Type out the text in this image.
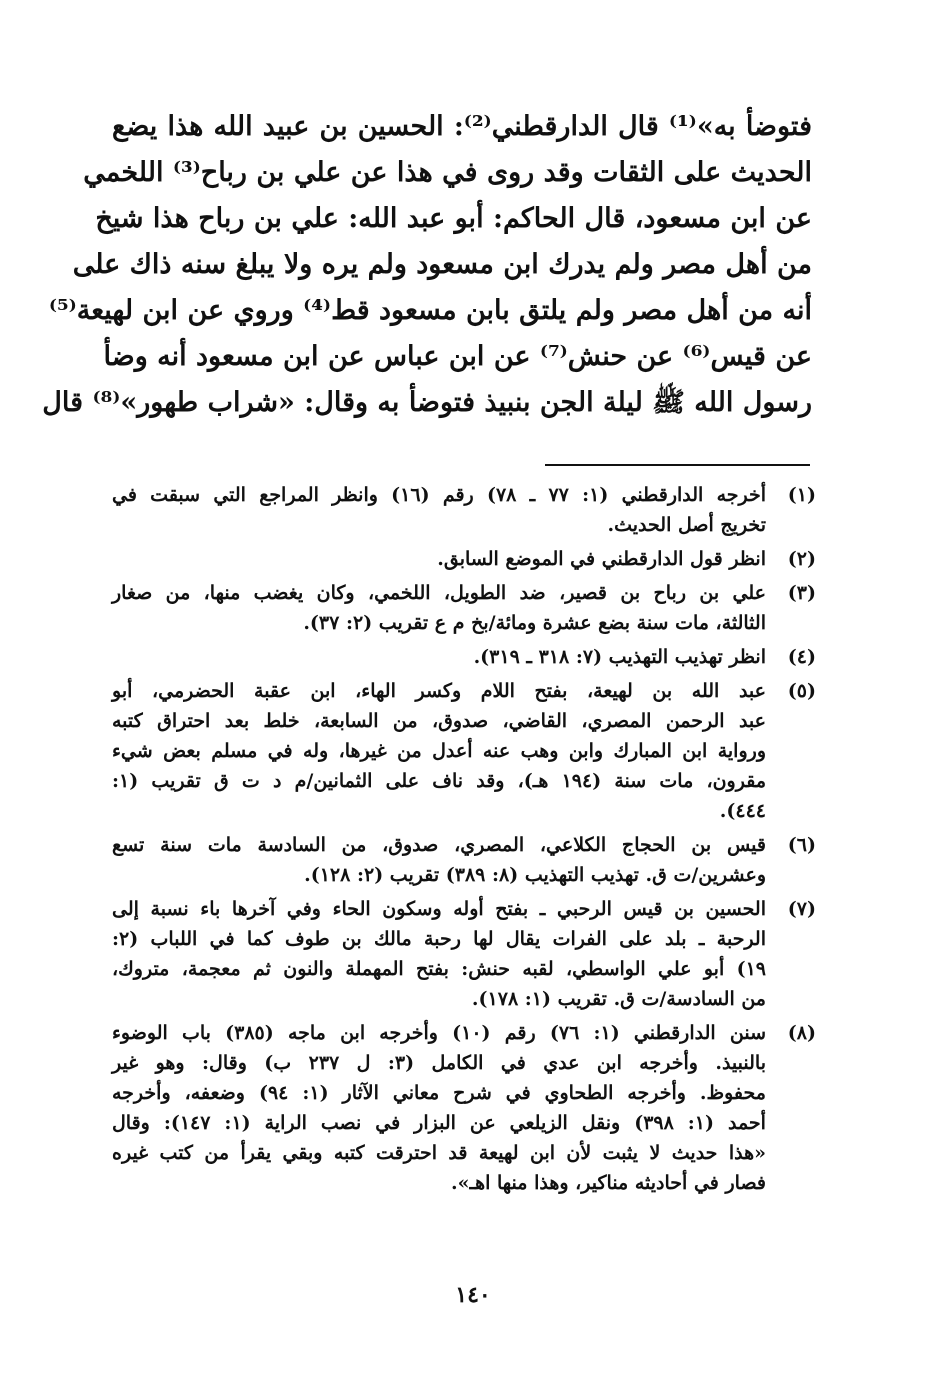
فتوضأ به»⁽¹⁾ قال الدارقطني⁽²⁾: الحسين بن عبيد الله هذا يضع
الحديث على الثقات وقد روى في هذا عن علي بن رباح⁽³⁾ اللخمي
عن ابن مسعود، قال الحاكم: أبو عبد الله: علي بن رباح هذا شيخ
من أهل مصر ولم يدرك ابن مسعود ولم يره ولا يبلغ سنه ذاك على
أنه من أهل مصر ولم يلتق بابن مسعود قط⁽⁴⁾ وروي عن ابن لهيعة⁽⁵⁾
عن قيس⁽⁶⁾ عن حنش⁽⁷⁾ عن ابن عباس عن ابن مسعود أنه وضأ
رسول الله ﷺ ليلة الجن بنبيذ فتوضأ به وقال: «شراب طهور»⁽⁸⁾ قال
(١)
أخرجه الدارقطني (١: ٧٧ ـ ٧٨) رقم (١٦) وانظر المراجع التي سبقت في
تخريج أصل الحديث.
(٢)
انظر قول الدارقطني في الموضع السابق.
(٣)
علي بن رباح بن قصير، ضد الطويل، اللخمي، وكان يغضب منها، من صغار
الثالثة، مات سنة بضع عشرة ومائة/بخ م ع تقريب (٢: ٣٧).
(٤)
انظر تهذيب التهذيب (٧: ٣١٨ ـ ٣١٩).
(٥)
عبد الله بن لهيعة، بفتح اللام وكسر الهاء، ابن عقبة الحضرمي، أبو
عبد الرحمن المصري، القاضي، صدوق، من السابعة، خلط بعد احتراق كتبه
ورواية ابن المبارك وابن وهب عنه أعدل من غيرها، وله في مسلم بعض شيء
مقرون، مات سنة (١٩٤ هـ)، وقد ناف على الثمانين/م د ت ق تقريب (١:
٤٤٤).
(٦)
قيس بن الحجاج الكلاعي، المصري، صدوق، من السادسة مات سنة تسع
وعشرين/ت ق. تهذيب التهذيب (٨: ٣٨٩) تقريب (٢: ١٢٨).
(٧)
الحسين بن قيس الرحبي ـ بفتح أوله وسكون الحاء وفي آخرها باء نسبة إلى
الرحبة ـ بلد على الفرات يقال لها رحبة مالك بن طوف كما في اللباب (٢:
١٩) أبو علي الواسطي، لقبه حنش: بفتح المهملة والنون ثم معجمة، متروك،
من السادسة/ت ق. تقريب (١: ١٧٨).
(٨)
سنن الدارقطني (١: ٧٦) رقم (١٠) وأخرجه ابن ماجه (٣٨٥) باب الوضوء
بالنبيذ. وأخرجه ابن عدي في الكامل (٣: ل ٢٣٧ ب) وقال: وهو غير
محفوظ. وأخرجه الطحاوي في شرح معاني الآثار (١: ٩٤) وضعفه، وأخرجه
أحمد (١: ٣٩٨) ونقل الزيلعي عن البزار في نصب الراية (١: ١٤٧): وقال
«هذا حديث لا يثبت لأن ابن لهيعة قد احترقت كتبه وبقي يقرأ من كتب غيره
فصار في أحاديثه مناكير، وهذا منها اهـ».
١٤٠
